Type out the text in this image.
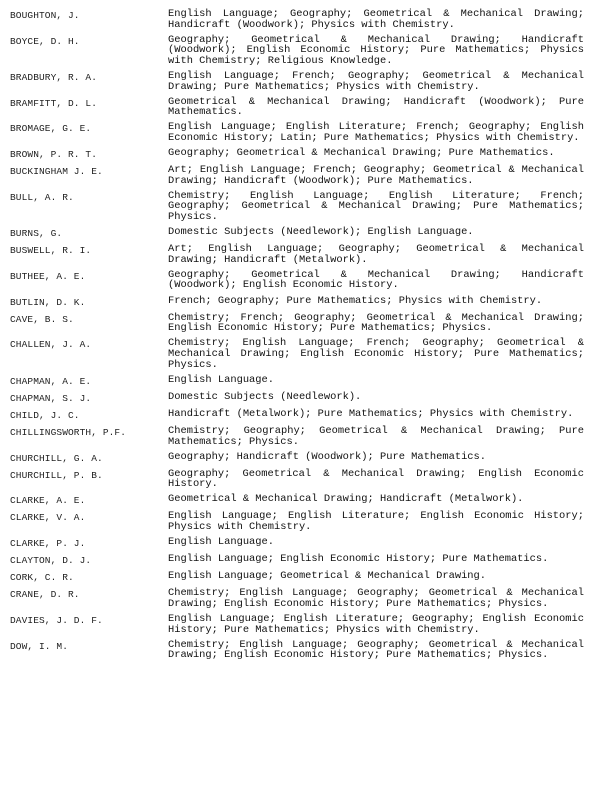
BOUGHTON, J.	English Language; Geography; Geometrical & Mechanical Drawing; Handicraft (Woodwork); Physics with Chemistry.
BOYCE, D. H.	Geography; Geometrical & Mechanical Drawing; Handicraft (Woodwork); English Economic History; Pure Mathematics; Physics with Chemistry; Religious Knowledge.
BRADBURY, R. A.	English Language; French; Geography; Geometrical & Mechanical Drawing; Pure Mathematics; Physics with Chemistry.
BRAMFITT, D. L.	Geometrical & Mechanical Drawing; Handicraft (Woodwork); Pure Mathematics.
BROMAGE, G. E.	English Language; English Literature; French; Geography; English Economic History; Latin; Pure Mathematics; Physics with Chemistry.
BROWN, P. R. T.	Geography; Geometrical & Mechanical Drawing; Pure Mathematics.
BUCKINGHAM J. E.	Art; English Language; French; Geography; Geometrical & Mechanical Drawing; Handicraft (Woodwork); Pure Mathematics.
BULL, A. R.	Chemistry; English Language; English Literature; French; Geography; Geometrical & Mechanical Drawing; Pure Mathematics; Physics.
BURNS, G.	Domestic Subjects (Needlework); English Language.
BUSWELL, R. I.	Art; English Language; Geography; Geometrical & Mechanical Drawing; Handicraft (Metalwork).
BUTHEE, A. E.	Geography; Geometrical & Mechanical Drawing; Handicraft (Woodwork); English Economic History.
BUTLIN, D. K.	French; Geography; Pure Mathematics; Physics with Chemistry.
CAVE, B. S.	Chemistry; French; Geography; Geometrical & Mechanical Drawing; English Economic History; Pure Mathematics; Physics.
CHALLEN, J. A.	Chemistry; English Language; French; Geography; Geometrical & Mechanical Drawing; English Economic History; Pure Mathematics; Physics.
CHAPMAN, A. E.	English Language.
CHAPMAN, S. J.	Domestic Subjects (Needlework).
CHILD, J. C.	Handicraft (Metalwork); Pure Mathematics; Physics with Chemistry.
CHILLINGSWORTH, P.F.	Chemistry; Geography; Geometrical & Mechanical Drawing; Pure Mathematics; Physics.
CHURCHILL, G. A.	Geography; Handicraft (Woodwork); Pure Mathematics.
CHURCHILL, P. B.	Geography; Geometrical & Mechanical Drawing; English Economic History.
CLARKE, A. E.	Geometrical & Mechanical Drawing; Handicraft (Metalwork).
CLARKE, V. A.	English Language; English Literature; English Economic History; Physics with Chemistry.
CLARKE, P. J.	English Language.
CLAYTON, D. J.	English Language; English Economic History; Pure Mathematics.
CORK, C. R.	English Language; Geometrical & Mechanical Drawing.
CRANE, D. R.	Chemistry; English Language; Geography; Geometrical & Mechanical Drawing; English Economic History; Pure Mathematics; Physics.
DAVIES, J. D. F.	English Language; English Literature; Geography; English Economic History; Pure Mathematics; Physics with Chemistry.
DOW, I. M.	Chemistry; English Language; Geography; Geometrical & Mechanical Drawing; English Economic History; Pure Mathematics; Physics.
